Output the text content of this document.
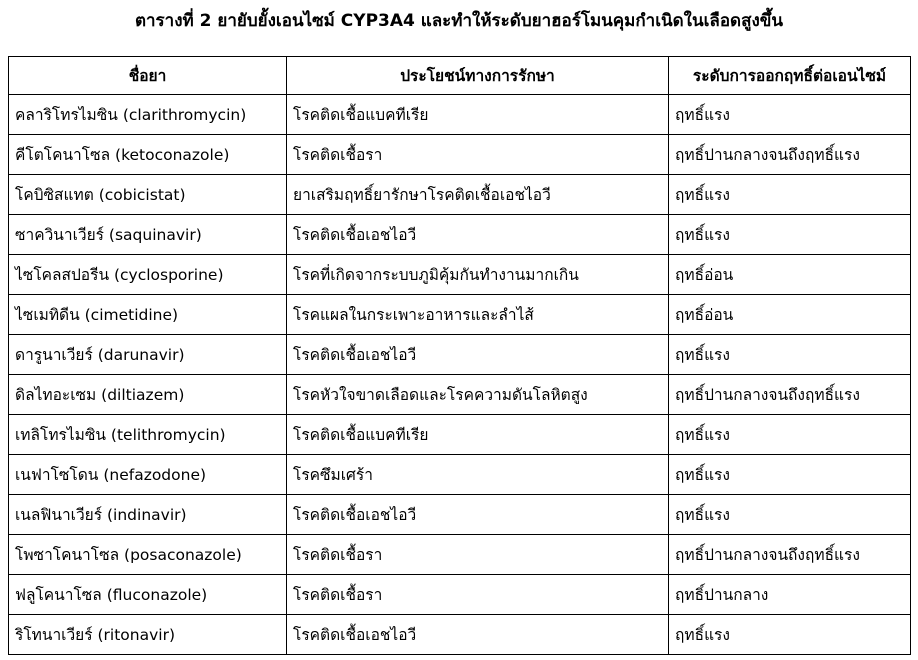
ตารางที่ 2 ยายับยั้งเอนไซม์ CYP3A4 และทำให้ระดับยาฮอร์โมนคุมกำเนิดในเลือดสูงขึ้น
ชื่อยา	ประโยชน์ทางการรักษา	ระดับการออกฤทธิ์ต่อเอนไซม์
คลาริโทรไมซิน (clarithromycin)	โรคติดเชื้อแบคทีเรีย	ฤทธิ์แรง
คีโตโคนาโซล (ketoconazole)	โรคติดเชื้อรา	ฤทธิ์ปานกลางจนถึงฤทธิ์แรง
โคบิซิสแทต (cobicistat)	ยาเสริมฤทธิ์ยารักษาโรคติดเชื้อเอชไอวี	ฤทธิ์แรง
ซาควินาเวียร์ (saquinavir)	โรคติดเชื้อเอชไอวี	ฤทธิ์แรง
ไซโคลสปอรีน (cyclosporine)	โรคที่เกิดจากระบบภูมิคุ้มกันทำงานมากเกิน	ฤทธิ์อ่อน
ไซเมทิดีน (cimetidine)	โรคแผลในกระเพาะอาหารและลำไส้	ฤทธิ์อ่อน
ดารูนาเวียร์ (darunavir)	โรคติดเชื้อเอชไอวี	ฤทธิ์แรง
ดิลไทอะเซม (diltiazem)	โรคหัวใจขาดเลือดและโรคความดันโลหิตสูง	ฤทธิ์ปานกลางจนถึงฤทธิ์แรง
เทลิโทรไมซิน (telithromycin)	โรคติดเชื้อแบคทีเรีย	ฤทธิ์แรง
เนฟาโซโดน (nefazodone)	โรคซึมเศร้า	ฤทธิ์แรง
เนลฟินาเวียร์ (indinavir)	โรคติดเชื้อเอชไอวี	ฤทธิ์แรง
โพซาโคนาโซล (posaconazole)	โรคติดเชื้อรา	ฤทธิ์ปานกลางจนถึงฤทธิ์แรง
ฟลูโคนาโซล (fluconazole)	โรคติดเชื้อรา	ฤทธิ์ปานกลาง
ริโทนาเวียร์ (ritonavir)	โรคติดเชื้อเอชไอวี	ฤทธิ์แรง
